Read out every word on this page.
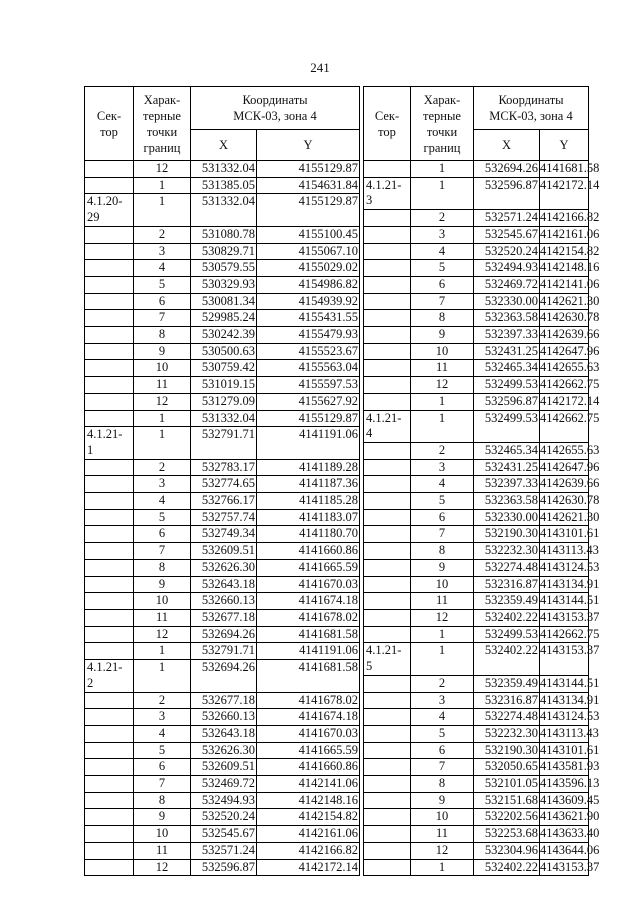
241
Сек-
тор	Харак-
терные
точки
границ	Координаты
МСК-03, зона 4	
		X	Y
	12	531332.04	4155129.87
	1	531385.05	4154631.84
4.1.20-
29	1	531332.04	4155129.87
	2	531080.78	4155100.45
	3	530829.71	4155067.10
	4	530579.55	4155029.02
	5	530329.93	4154986.82
	6	530081.34	4154939.92
	7	529985.24	4155431.55
	8	530242.39	4155479.93
	9	530500.63	4155523.67
	10	530759.42	4155563.04
	11	531019.15	4155597.53
	12	531279.09	4155627.92
	1	531332.04	4155129.87
4.1.21-
1	1	532791.71	4141191.06
	2	532783.17	4141189.28
	3	532774.65	4141187.36
	4	532766.17	4141185.28
	5	532757.74	4141183.07
	6	532749.34	4141180.70
	7	532609.51	4141660.86
	8	532626.30	4141665.59
	9	532643.18	4141670.03
	10	532660.13	4141674.18
	11	532677.18	4141678.02
	12	532694.26	4141681.58
	1	532791.71	4141191.06
4.1.21-
2	1	532694.26	4141681.58
	2	532677.18	4141678.02
	3	532660.13	4141674.18
	4	532643.18	4141670.03
	5	532626.30	4141665.59
	6	532609.51	4141660.86
	7	532469.72	4142141.06
	8	532494.93	4142148.16
	9	532520.24	4142154.82
	10	532545.67	4142161.06
	11	532571.24	4142166.82
	12	532596.87	4142172.14
Сек-
тор	Харак-
терные
точки
границ	Координаты
МСК-03, зона 4	
		X	Y
	1	532694.26	4141681.58
4.1.21-
3	1	532596.87	4142172.14
	2	532571.24	4142166.82
	3	532545.67	4142161.06
	4	532520.24	4142154.82
	5	532494.93	4142148.16
	6	532469.72	4142141.06
	7	532330.00	4142621.30
	8	532363.58	4142630.78
	9	532397.33	4142639.66
	10	532431.25	4142647.96
	11	532465.34	4142655.63
	12	532499.53	4142662.75
	1	532596.87	4142172.14
4.1.21-
4	1	532499.53	4142662.75
	2	532465.34	4142655.63
	3	532431.25	4142647.96
	4	532397.33	4142639.66
	5	532363.58	4142630.78
	6	532330.00	4142621.30
	7	532190.30	4143101.61
	8	532232.30	4143113.43
	9	532274.48	4143124.53
	10	532316.87	4143134.91
	11	532359.49	4143144.51
	12	532402.22	4143153.37
	1	532499.53	4142662.75
4.1.21-
5	1	532402.22	4143153.37
	2	532359.49	4143144.51
	3	532316.87	4143134.91
	4	532274.48	4143124.53
	5	532232.30	4143113.43
	6	532190.30	4143101.61
	7	532050.65	4143581.93
	8	532101.05	4143596.13
	9	532151.68	4143609.45
	10	532202.56	4143621.90
	11	532253.68	4143633.40
	12	532304.96	4143644.06
	1	532402.22	4143153.37
